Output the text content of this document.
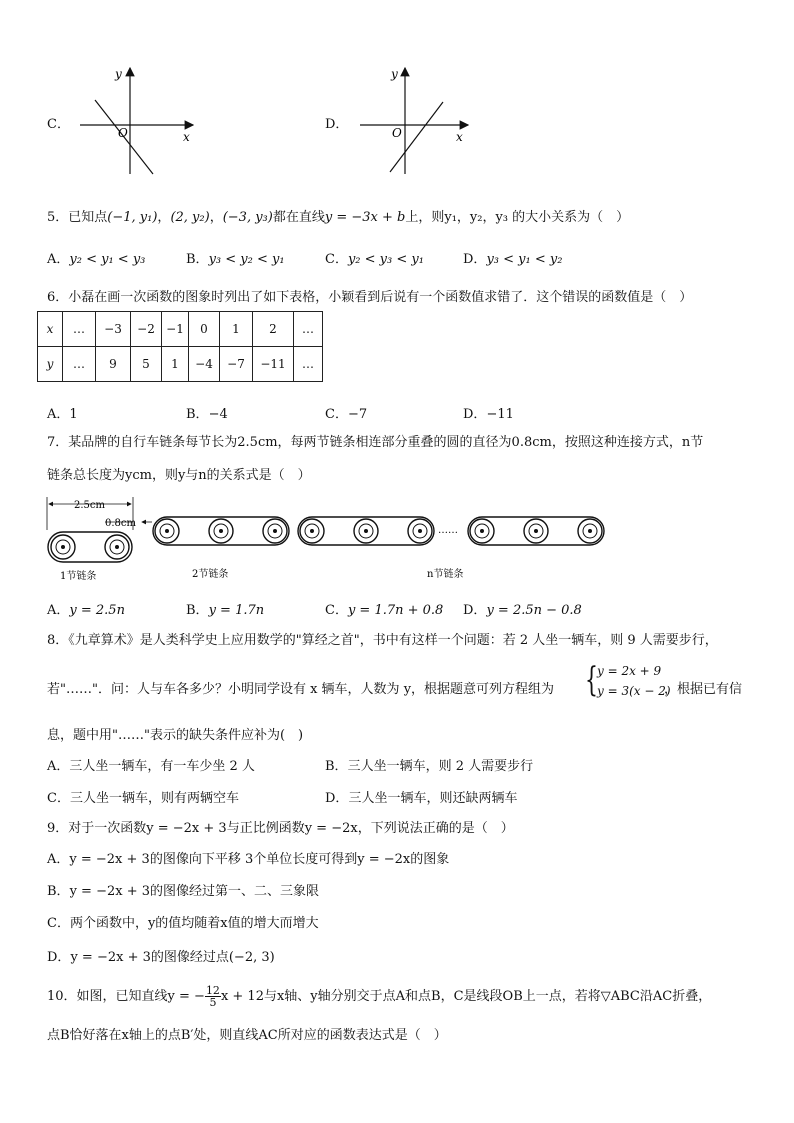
C．
y
x
O
D．
y
x
O
5．已知点(−1, y₁)，(2, y₂)，(−3, y₃)都在直线y = −3x + b上，则y₁，y₂，y₃ 的大小关系为（　）
A．y₂ < y₁ < y₃	B．y₃ < y₂ < y₁	C．y₂ < y₃ < y₁	D．y₃ < y₁ < y₂
6．小磊在画一次函数的图象时列出了如下表格，小颖看到后说有一个函数值求错了．这个错误的函数值是（　）
x	…	−3	−2	−1	0	1	2	…
y	…	9	5	1	−4	−7	−11	…
A．1	B．−4	C．−7	D．−11
7．某品牌的自行车链条每节长为2.5cm，每两节链条相连部分重叠的圆的直径为0.8cm，按照这种连接方式，n节
链条总长度为ycm，则y与n的关系式是（　）
2.5cm
0.8cm
1节链条	2节链条
……
n节链条
A．y = 2.5n	B．y = 1.7n	C．y = 1.7n + 0.8 D．y = 2.5n − 0.8
8．《九章算术》是人类科学史上应用数学的"算经之首"，书中有这样一个问题：若 2 人坐一辆车，则 9 人需要步行，
若"……"．问：人与车各多少？小明同学设有 x 辆车，人数为 y，根据题意可列方程组为 { y = 2x + 9
y = 3(x − 2)
，根据已有信
息，题中用"……"表示的缺失条件应补为(　)
A．三人坐一辆车，有一车少坐 2 人	B．三人坐一辆车，则 2 人需要步行
C．三人坐一辆车，则有两辆空车	D．三人坐一辆车，则还缺两辆车
9．对于一次函数y = −2x + 3与正比例函数y = −2x，下列说法正确的是（　）
A．y = −2x + 3的图像向下平移 3个单位长度可得到y = −2x的图象
B．y = −2x + 3的图像经过第一、二、三象限
C．两个函数中，y的值均随着x值的增大而增大
D．y = −2x + 3的图像经过点(−2, 3)
10．如图，已知直线y = − $\frac{12}{5}$ x + 12与x轴、y轴分别交于点A和点B，C是线段OB上一点，若将▽ABC沿AC折叠，
点B恰好落在x轴上的点B′处，则直线AC所对应的函数表达式是（　）
